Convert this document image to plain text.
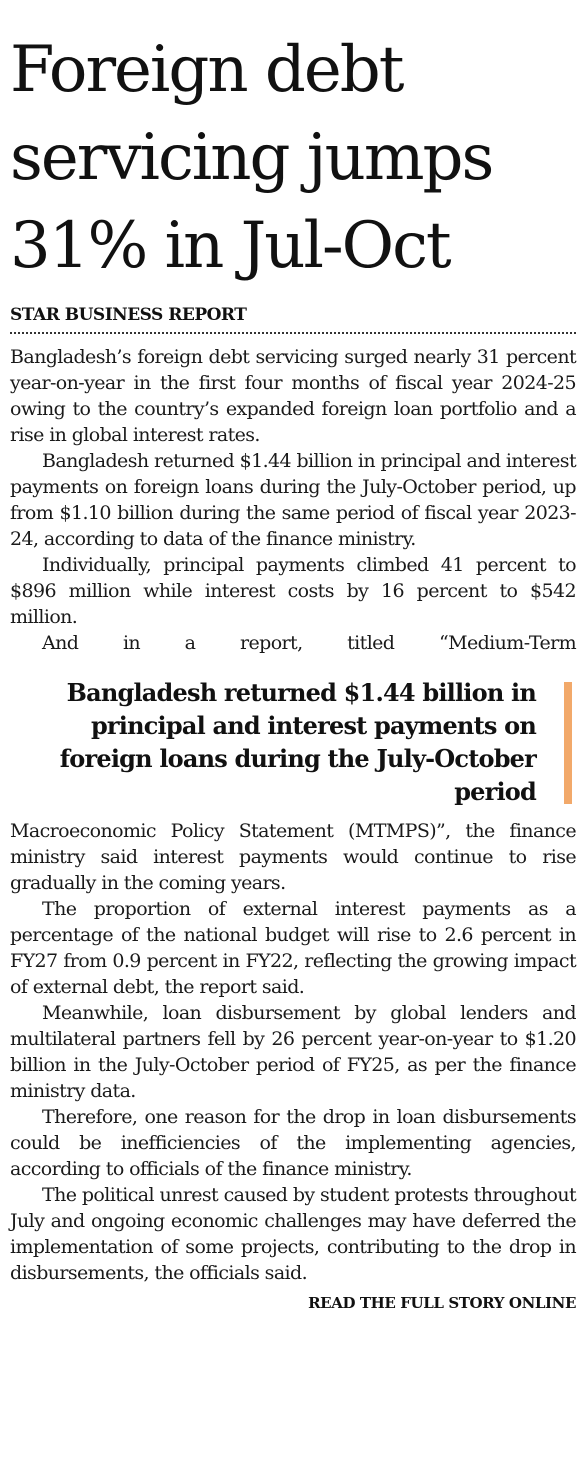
Foreign debt servicing jumps 31% in Jul-Oct
STAR BUSINESS REPORT

Bangladesh’s foreign debt servicing surged nearly 31 percent year-on-year in the first four months of fiscal year 2024-25 owing to the country’s expanded foreign loan portfolio and a rise in global interest rates.

Bangladesh returned $1.44 billion in principal and interest payments on foreign loans during the July-October period, up from $1.10 billion during the same period of fiscal year 2023-24, according to data of the finance ministry.

Individually, principal payments climbed 41 percent to $896 million while interest costs by 16 percent to $542 million.

And in a report, titled “Medium-Term

Bangladesh returned $1.44 billion in principal and interest payments on foreign loans during the July-October period

Macroeconomic Policy Statement (MTMPS)”, the finance ministry said interest payments would continue to rise gradually in the coming years.

The proportion of external interest payments as a percentage of the national budget will rise to 2.6 percent in FY27 from 0.9 percent in FY22, reflecting the growing impact of external debt, the report said.

Meanwhile, loan disbursement by global lenders and multilateral partners fell by 26 percent year-on-year to $1.20 billion in the July-October period of FY25, as per the finance ministry data.

Therefore, one reason for the drop in loan disbursements could be inefficiencies of the implementing agencies, according to officials of the finance ministry.

The political unrest caused by student protests throughout July and ongoing economic challenges may have deferred the implementation of some projects, contributing to the drop in disbursements, the officials said.

READ THE FULL STORY ONLINE
